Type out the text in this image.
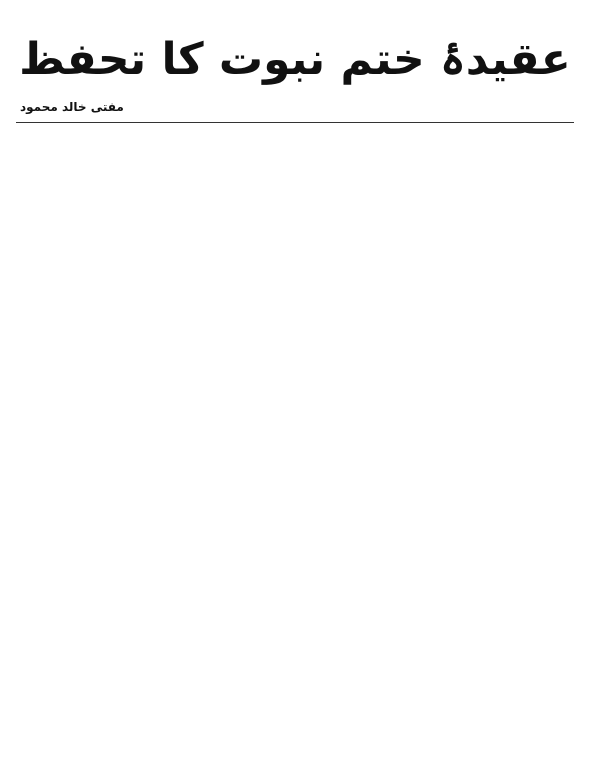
عقیدۂ ختم نبوت کا تحفظ
مفتی خالد محمود
